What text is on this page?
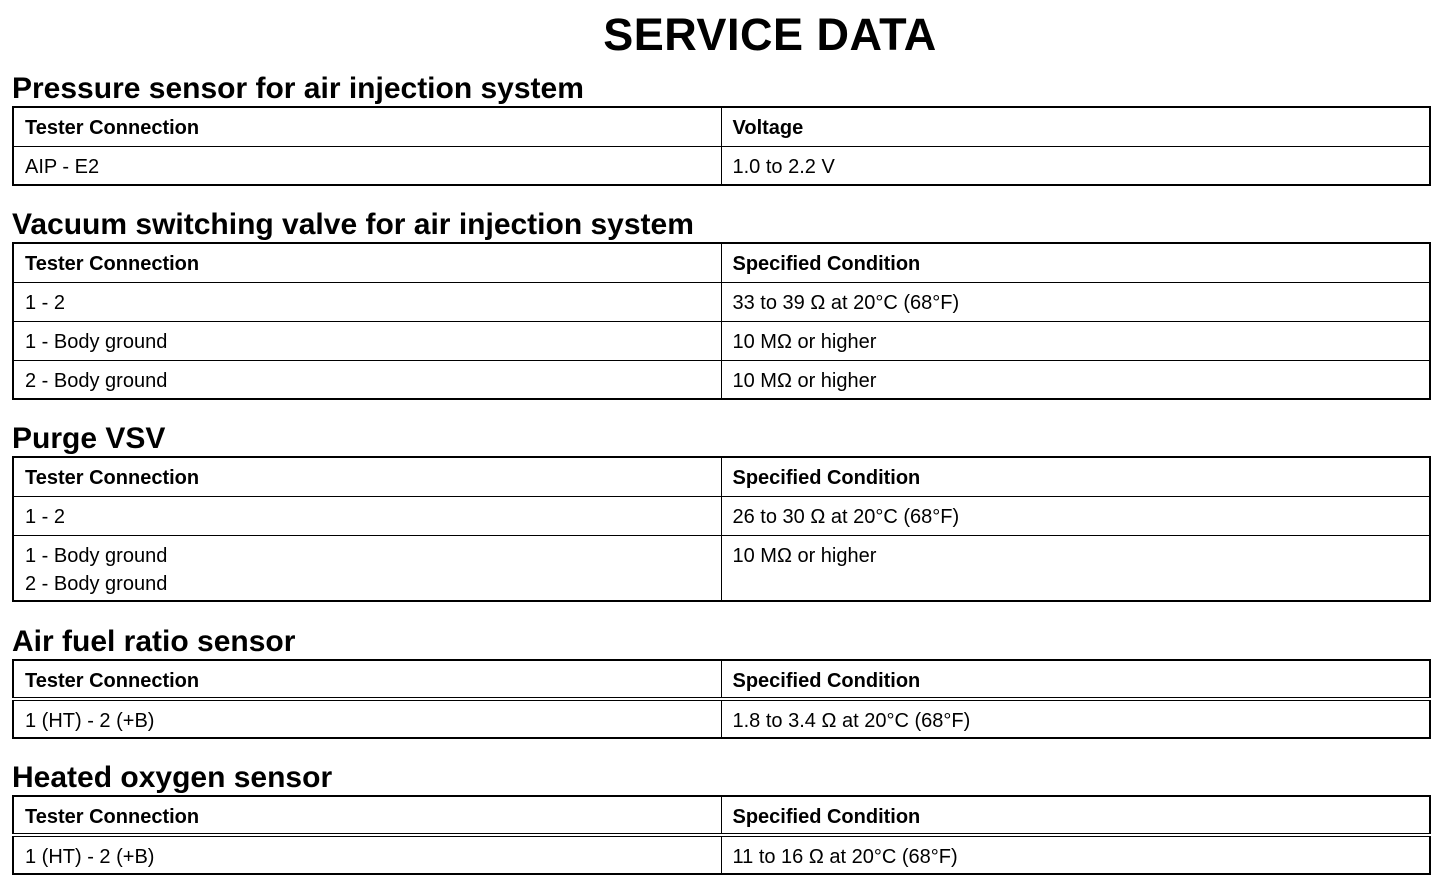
SERVICE DATA
Pressure sensor for air injection system
Tester Connection	Voltage
AIP - E2	1.0 to 2.2 V
Vacuum switching valve for air injection system
Tester Connection	Specified Condition
1 - 2	33 to 39 Ω at 20°C (68°F)
1 - Body ground	10 MΩ or higher
2 - Body ground	10 MΩ or higher
Purge VSV
Tester Connection	Specified Condition
1 - 2	26 to 30 Ω at 20°C (68°F)

1 - Body ground
2 - Body ground	10 MΩ or higher
Air fuel ratio sensor
Tester Connection	Specified Condition
1 (HT) - 2 (+B)	1.8 to 3.4 Ω at 20°C (68°F)
Heated oxygen sensor
Tester Connection	Specified Condition
1 (HT) - 2 (+B)	11 to 16 Ω at 20°C (68°F)
